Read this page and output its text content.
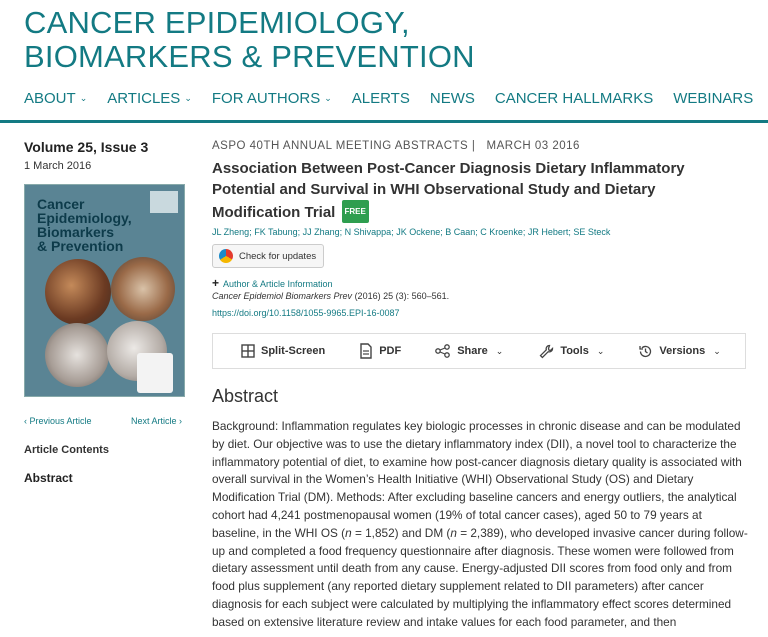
CANCER EPIDEMIOLOGY,
BIOMARKERS & PREVENTION
ABOUT ⌄ ARTICLES ⌄ FOR AUTHORS ⌄ ALERTS NEWS CANCER HALLMARKS WEBINARS
Volume 25, Issue 3
1 March 2016
Cancer
Epidemiology,
Biomarkers
& Prevention
‹ Previous Article	Next Article ›
Article Contents
Abstract
ASPO 40TH ANNUAL MEETING ABSTRACTS |   MARCH 03 2016
Association Between Post-Cancer Diagnosis Dietary Inflammatory Potential and Survival in WHI Observational Study and Dietary Modification Trial FREE
JL Zheng; FK Tabung; JJ Zhang; N Shivappa; JK Ockene; B Caan; C Kroenke; JR Hebert; SE Steck
Check for updates
+ Author & Article Information
Cancer Epidemiol Biomarkers Prev (2016) 25 (3): 560–561.
https://doi.org/10.1158/1055-9965.EPI-16-0087
Split-Screen	PDF	Share ⌄	Tools ⌄	Versions ⌄
Abstract
Background: Inflammation regulates key biologic processes in chronic disease and can be modulated by diet. Our objective was to use the dietary inflammatory index (DII), a novel tool to characterize the inflammatory potential of diet, to examine how post-cancer diagnosis dietary quality is associated with overall survival in the Women’s Health Initiative (WHI) Observational Study (OS) and Dietary Modification Trial (DM). Methods: After excluding baseline cancers and energy outliers, the analytical cohort had 4,241 postmenopausal women (19% of total cancer cases), aged 50 to 79 years at baseline, in the WHI OS (n = 1,852) and DM (n = 2,389), who developed invasive cancer during follow-up and completed a food frequency questionnaire after diagnosis. These women were followed from dietary assessment until death from any cause. Energy-adjusted DII scores from food only and from food plus supplement (any reported dietary supplement related to DII parameters) after cancer diagnosis for each subject were calculated by multiplying the inflammatory effect scores determined based on extensive literature review and intake values for each food parameter, and then
